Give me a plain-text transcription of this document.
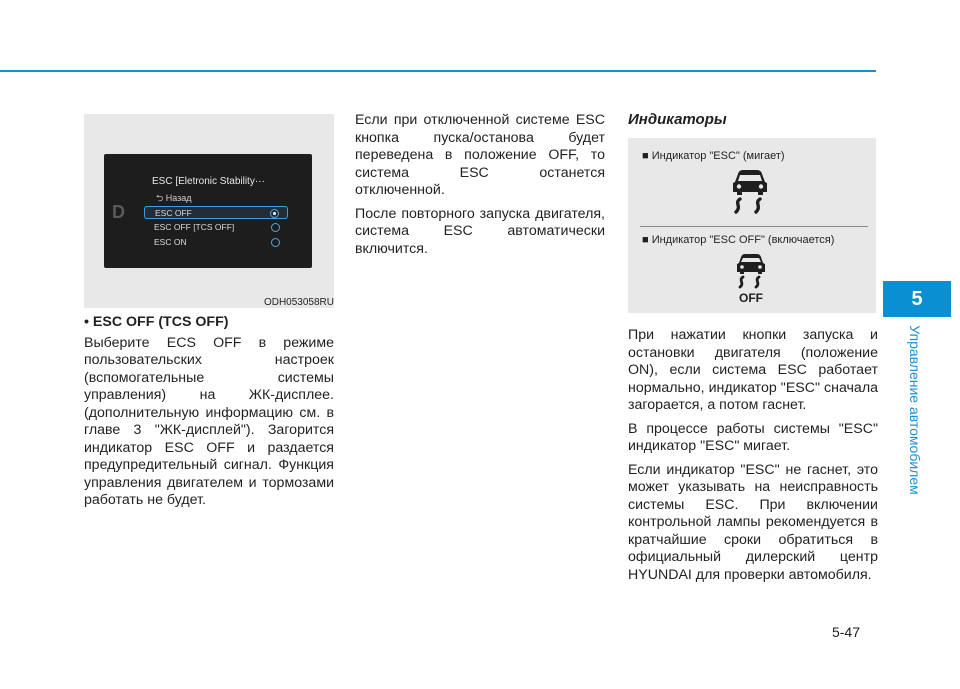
5
Управление автомобилем
D
ESC [Eletronic Stability···
⮌ Назад
ESC OFF
ESC OFF [TCS OFF]
ESC ON
ODH053058RU

• ESC OFF (TCS OFF)

Выберите ECS OFF в режиме пользовательских настроек (вспомогательные системы управления) на ЖК-дисплее. (дополнительную информацию см. в главе 3 "ЖК-дисплей"). Загорится индикатор ESC OFF и раздается предупредительный сигнал. Функция управления двигателем и тормозами работать не будет.

Если при отключенной системе ESC кнопка пуска/останова будет переведена в положение OFF, то система ESC останется отключенной.

После повторного запуска двигателя, система ESC автоматически включится.

Индикаторы
■ Индикатор "ESC" (мигает)
■ Индикатор "ESC OFF" (включается)
OFF

При нажатии кнопки запуска и остановки двигателя (положение ON), если система ESC работает нормально, индикатор "ESC" сначала загорается, а потом гаснет.

В процессе работы системы "ESC" индикатор "ESC" мигает.

Если индикатор "ESC" не гаснет, это может указывать на неисправность системы ESC. При включении контрольной лампы рекомендуется в кратчайшие сроки обратиться в официальный дилерский центр HYUNDAI для проверки автомобиля.

5-47
